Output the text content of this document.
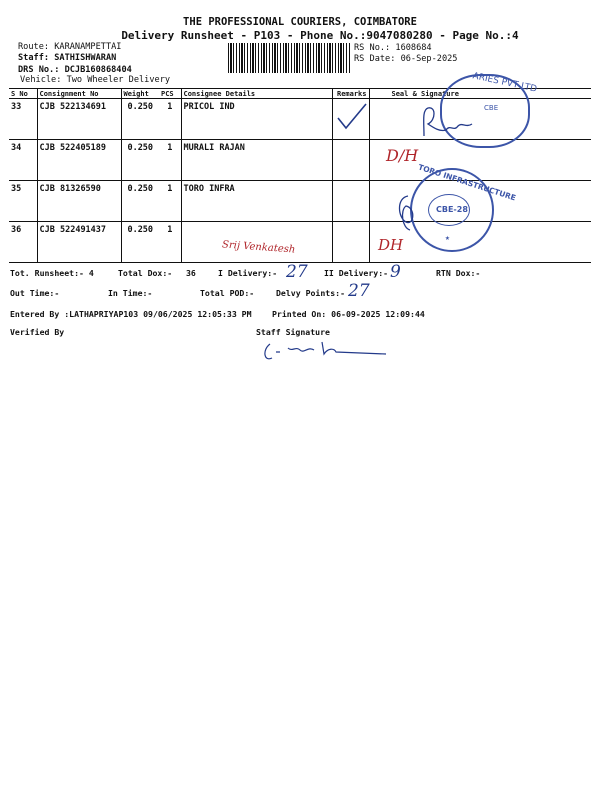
THE PROFESSIONAL COURIERS, COIMBATORE
Delivery Runsheet - P103 - Phone No.:9047080280 - Page No.:4
Route: KARANAMPETTAI
Staff: SATHISHWARAN
DRS No.: DCJB160868404
Vehicle: Two Wheeler Delivery
RS No.: 1608684
RS Date: 06-Sep-2025
S No	Consignment No	Weight	PCS	Consignee Details	Remarks	Seal & Signature
33	CJB 522134691	0.250	1	PRICOL IND		
34	CJB 522405189	0.250	1	MURALI RAJAN		
35	CJB 81326590	0.250	1	TORO INFRA		
36	CJB 522491437	0.250	1			
ARIES PVT LTD
CBE
D/H
CBE-28
TORO INFRASTRUCTURE
★
Srij Venkatesh	DH
Tot. Runsheet:- 4	Total Dox:- 36	I Delivery:- 27 II Delivery:- 9	RTN Dox:-
Out Time:-	In Time:-	Total POD:-	Delvy Points:- 27
Entered By :LATHAPRIYAP103 09/06/2025 12:05:33 PM Printed On: 06-09-2025 12:09:44
Verified By	Staff Signature
